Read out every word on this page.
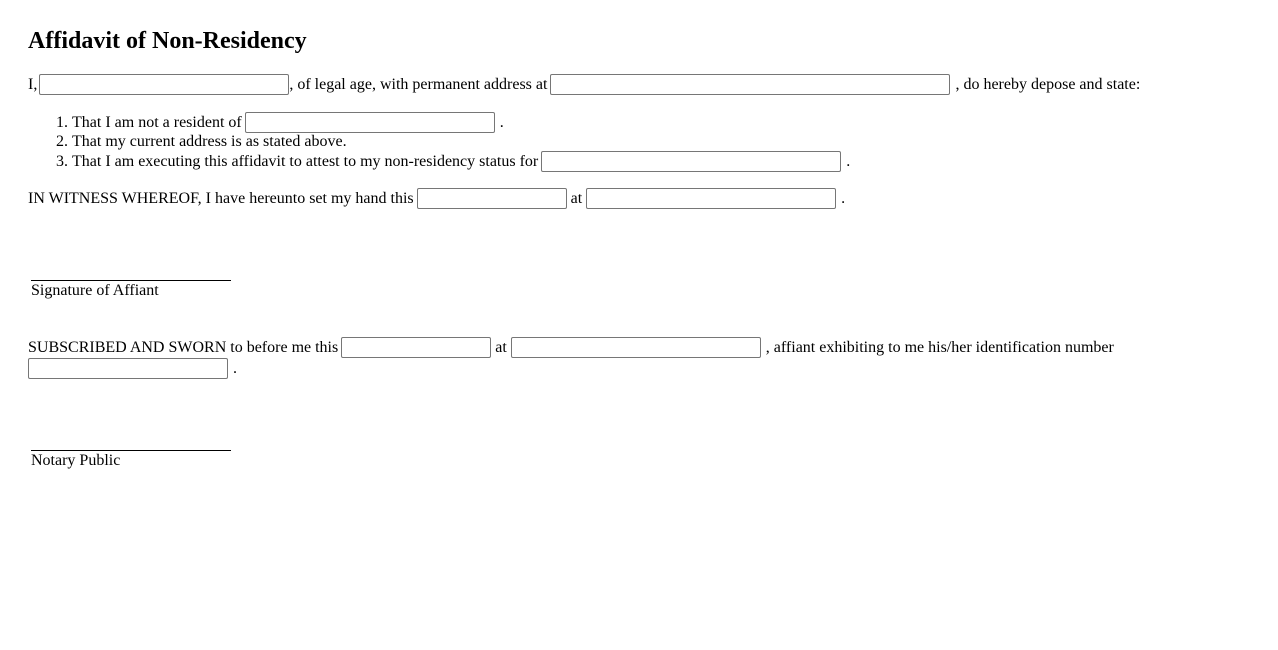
Affidavit of Non-Residency
I,	, of legal age, with permanent address at	, do hereby depose and state:
1. That I am not a resident of	.
2. That my current address is as stated above.
3. That I am executing this affidavit to attest to my non-residency status for	.
IN WITNESS WHEREOF, I have hereunto set my hand this	at	.
Signature of Affiant
SUBSCRIBED AND SWORN to before me this	at	, affiant exhibiting to me his/her identification number
.
Notary Public
